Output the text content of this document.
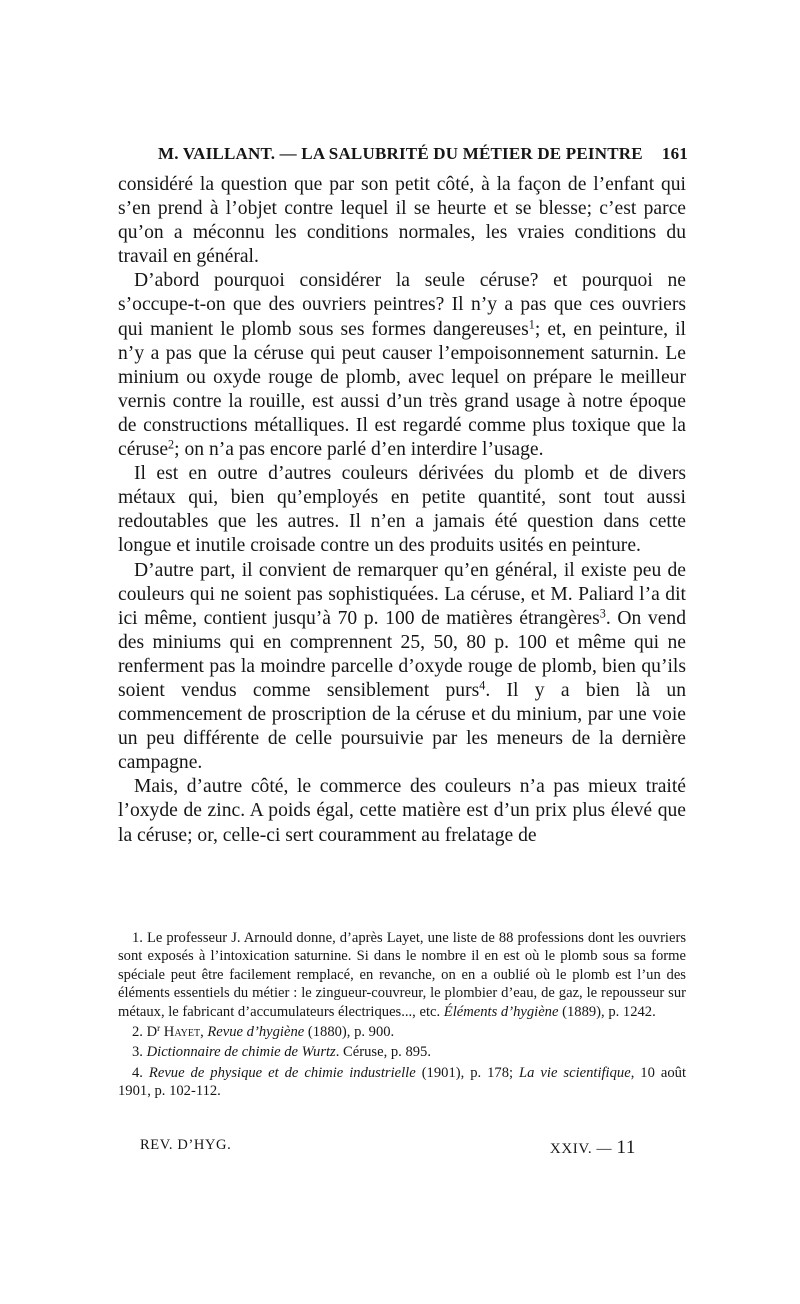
M. VAILLANT. — LA SALUBRITÉ DU MÉTIER DE PEINTRE 161

considéré la question que par son petit côté, à la façon de l’enfant qui s’en prend à l’objet contre lequel il se heurte et se blesse; c’est parce qu’on a méconnu les conditions normales, les vraies conditions du travail en général.

D’abord pourquoi considérer la seule céruse? et pourquoi ne s’occupe-t-on que des ouvriers peintres? Il n’y a pas que ces ouvriers qui manient le plomb sous ses formes dangereuses$^1$; et, en peinture, il n’y a pas que la céruse qui peut causer l’empoisonnement saturnin. Le minium ou oxyde rouge de plomb, avec lequel on prépare le meilleur vernis contre la rouille, est aussi d’un très grand usage à notre époque de constructions métalliques. Il est regardé comme plus toxique que la céruse$^2$; on n’a pas encore parlé d’en interdire l’usage.

Il est en outre d’autres couleurs dérivées du plomb et de divers métaux qui, bien qu’employés en petite quantité, sont tout aussi redoutables que les autres. Il n’en a jamais été question dans cette longue et inutile croisade contre un des produits usités en peinture.

D’autre part, il convient de remarquer qu’en général, il existe peu de couleurs qui ne soient pas sophistiquées. La céruse, et M. Paliard l’a dit ici même, contient jusqu’à 70 p. 100 de matières étrangères$^3$. On vend des miniums qui en comprennent 25, 50, 80 p. 100 et même qui ne renferment pas la moindre parcelle d’oxyde rouge de plomb, bien qu’ils soient vendus comme sensiblement purs$^4$. Il y a bien là un commencement de proscription de la céruse et du minium, par une voie un peu différente de celle poursuivie par les meneurs de la dernière campagne.

Mais, d’autre côté, le commerce des couleurs n’a pas mieux traité l’oxyde de zinc. A poids égal, cette matière est d’un prix plus élevé que la céruse; or, celle-ci sert couramment au frelatage de

1. Le professeur J. Arnould donne, d’après Layet, une liste de 88 professions dont les ouvriers sont exposés à l’intoxication saturnine. Si dans le nombre il en est où le plomb sous sa forme spéciale peut être facilement remplacé, en revanche, on en a oublié où le plomb est l’un des éléments essentiels du métier : le zingueur-couvreur, le plombier d’eau, de gaz, le repousseur sur métaux, le fabricant d’accumulateurs électriques..., etc. Éléments d’hygiène (1889), p. 1242.

2. $D^r$ Hayet, Revue d’hygiène (1880), p. 900.

3. Dictionnaire de chimie de Wurtz. Céruse, p. 895.

4. Revue de physique et de chimie industrielle (1901), p. 178; La vie scientifique, 10 août 1901, p. 102-112.

REV. D’HYG.	XXIV. — 11
